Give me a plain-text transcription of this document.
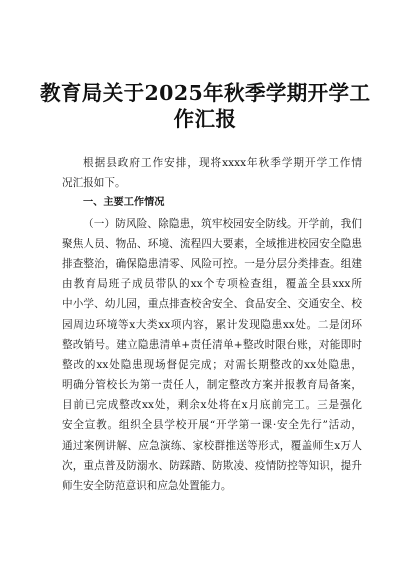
教育局关于2025年秋季学期开学工
作汇报
根据县政府工作安排，现将xxxx年秋季学期开学工作情
况汇报如下。
一、主要工作情况
（一）防风险、除隐患，筑牢校园安全防线。开学前，我们
聚焦人员、物品、环境、流程四大要素，全域推进校园安全隐患
排查整治，确保隐患清零、风险可控。一是分层分类排查。组建
由教育局班子成员带队的xx个专项检查组，覆盖全县xxx所
中小学、幼儿园，重点排查校舍安全、食品安全、交通安全、校
园周边环境等x大类xx项内容，累计发现隐患xx处。二是闭环
整改销号。建立隐患清单+责任清单+整改时限台账，对能即时
整改的xx处隐患现场督促完成；对需长期整改的xx处隐患，
明确分管校长为第一责任人，制定整改方案并报教育局备案，
目前已完成整改xx处，剩余x处将在x月底前完工。三是强化
安全宣教。组织全县学校开展“开学第一课·安全先行”活动，
通过案例讲解、应急演练、家校群推送等形式，覆盖师生x万人
次，重点普及防溺水、防踩踏、防欺凌、疫情防控等知识，提升
师生安全防范意识和应急处置能力。
